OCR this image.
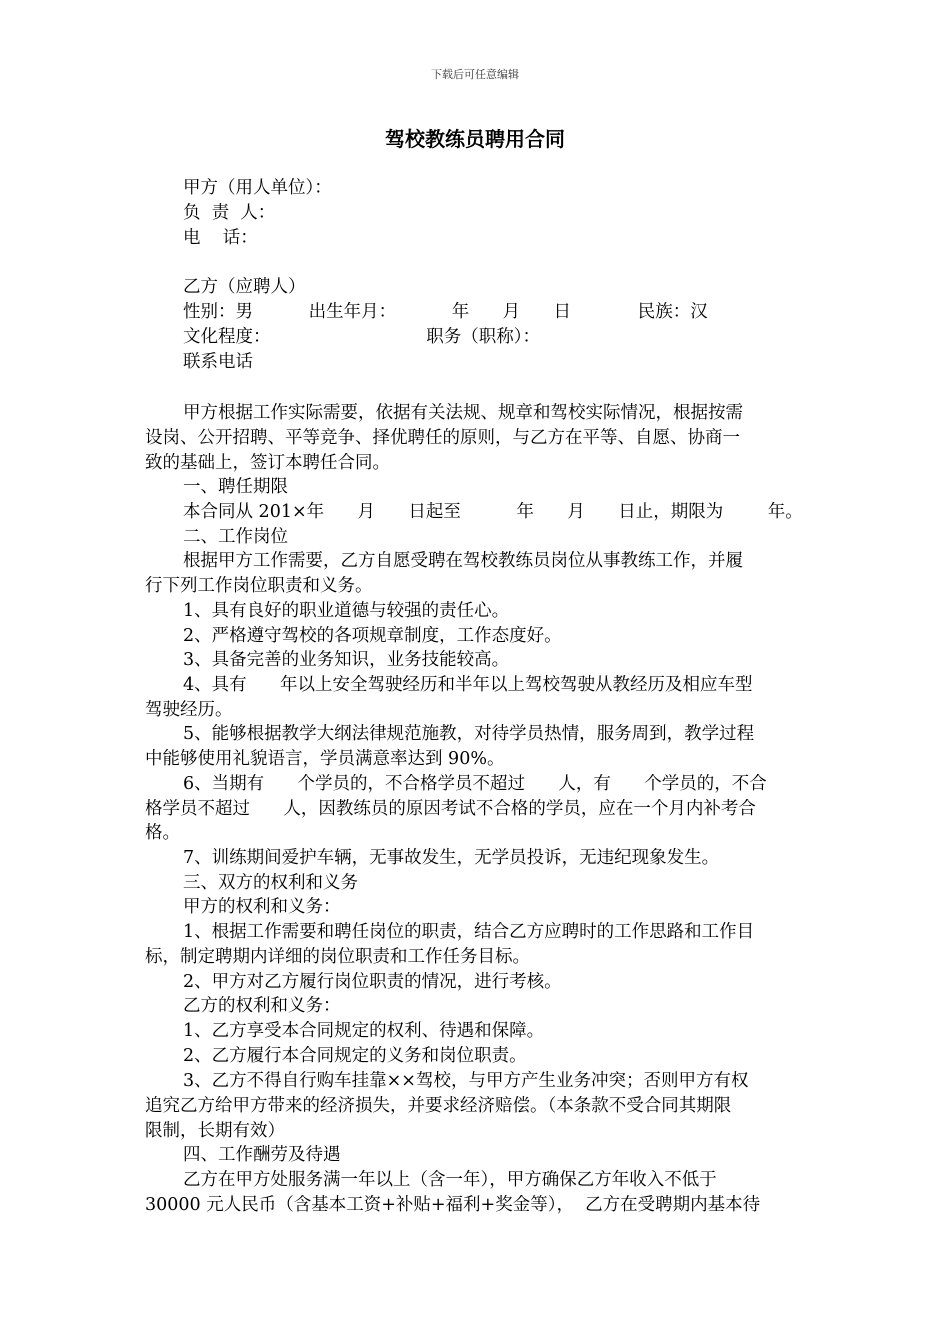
下载后可任意编辑
驾校教练员聘用合同

甲方（用人单位）：

负  责  人：

电    话：

乙方（应聘人）

性别：男          出生年月：          年      月      日            民族：汉

文化程度：                            职务（职称）：

联系电话

甲方根据工作实际需要，依据有关法规、规章和驾校实际情况，根据按需

设岗、公开招聘、平等竞争、择优聘任的原则，与乙方在平等、自愿、协商一

致的基础上，签订本聘任合同。

一、聘任期限

本合同从 201×年      月      日起至          年      月      日止，期限为        年。

二、工作岗位

根据甲方工作需要，乙方自愿受聘在驾校教练员岗位从事教练工作，并履

行下列工作岗位职责和义务。

1、具有良好的职业道德与较强的责任心。

2、严格遵守驾校的各项规章制度，工作态度好。

3、具备完善的业务知识，业务技能较高。

4、具有      年以上安全驾驶经历和半年以上驾校驾驶从教经历及相应车型

驾驶经历。

5、能够根据教学大纲法律规范施教，对待学员热情，服务周到，教学过程

中能够使用礼貌语言，学员满意率达到 90%。

6、当期有      个学员的，不合格学员不超过      人，有      个学员的，不合

格学员不超过      人，因教练员的原因考试不合格的学员，应在一个月内补考合

格。

7、训练期间爱护车辆，无事故发生，无学员投诉，无违纪现象发生。

三、双方的权利和义务

甲方的权利和义务：

1、根据工作需要和聘任岗位的职责，结合乙方应聘时的工作思路和工作目

标，制定聘期内详细的岗位职责和工作任务目标。

2、甲方对乙方履行岗位职责的情况，进行考核。

乙方的权利和义务：

1、乙方享受本合同规定的权利、待遇和保障。

2、乙方履行本合同规定的义务和岗位职责。

3、乙方不得自行购车挂靠××驾校，与甲方产生业务冲突；否则甲方有权

追究乙方给甲方带来的经济损失，并要求经济赔偿。（本条款不受合同其期限

限制，长期有效）

四、工作酬劳及待遇

乙方在甲方处服务满一年以上（含一年），甲方确保乙方年收入不低于

30000 元人民币（含基本工资+补贴+福利+奖金等），  乙方在受聘期内基本待
